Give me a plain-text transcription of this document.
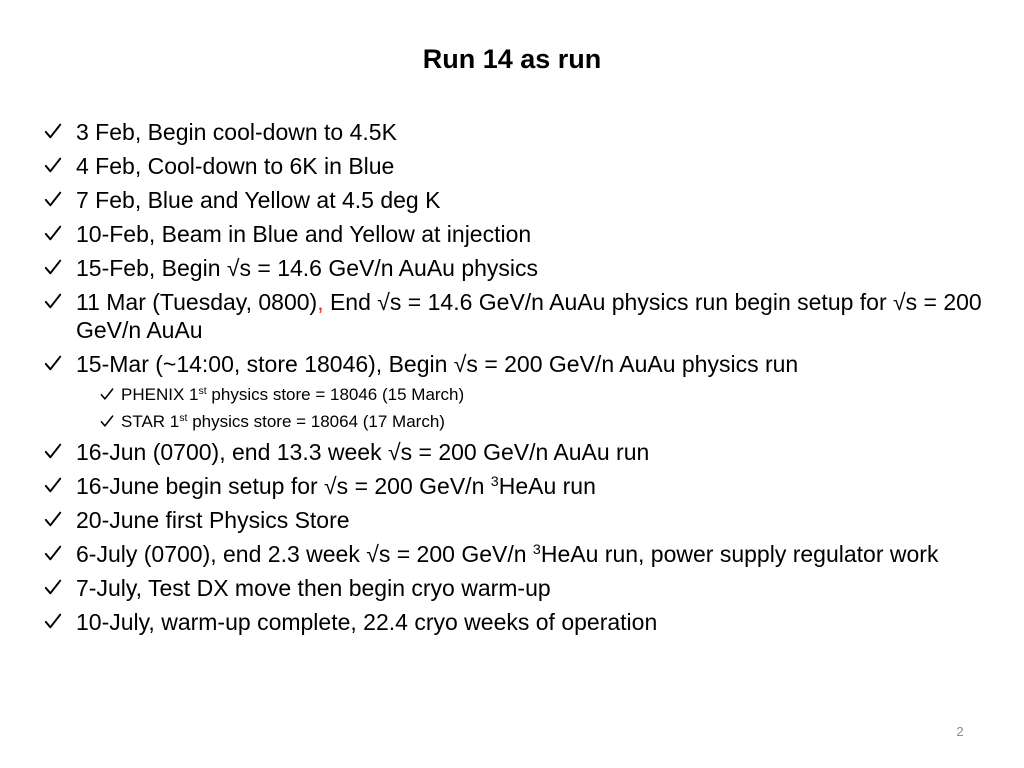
Run 14 as run
3 Feb, Begin cool-down to 4.5K
4 Feb, Cool-down to 6K in Blue
7 Feb, Blue and Yellow at 4.5 deg K
10-Feb, Beam in Blue and Yellow at injection
15-Feb, Begin √s = 14.6 GeV/n AuAu physics
11 Mar (Tuesday, 0800), End √s = 14.6 GeV/n AuAu physics run begin setup for √s = 200 GeV/n AuAu
15-Mar (~14:00, store 18046), Begin √s = 200 GeV/n AuAu physics run
PHENIX 1st physics store = 18046 (15 March)
STAR 1st physics store = 18064 (17 March)
16-Jun (0700), end 13.3 week √s = 200 GeV/n AuAu run
16-June begin setup for √s = 200 GeV/n $^3$HeAu run
20-June first Physics Store
6-July (0700), end 2.3 week √s = 200 GeV/n $^3$HeAu run, power supply regulator work
7-July, Test DX move then begin cryo warm-up
10-July, warm-up complete, 22.4 cryo weeks of operation
2
